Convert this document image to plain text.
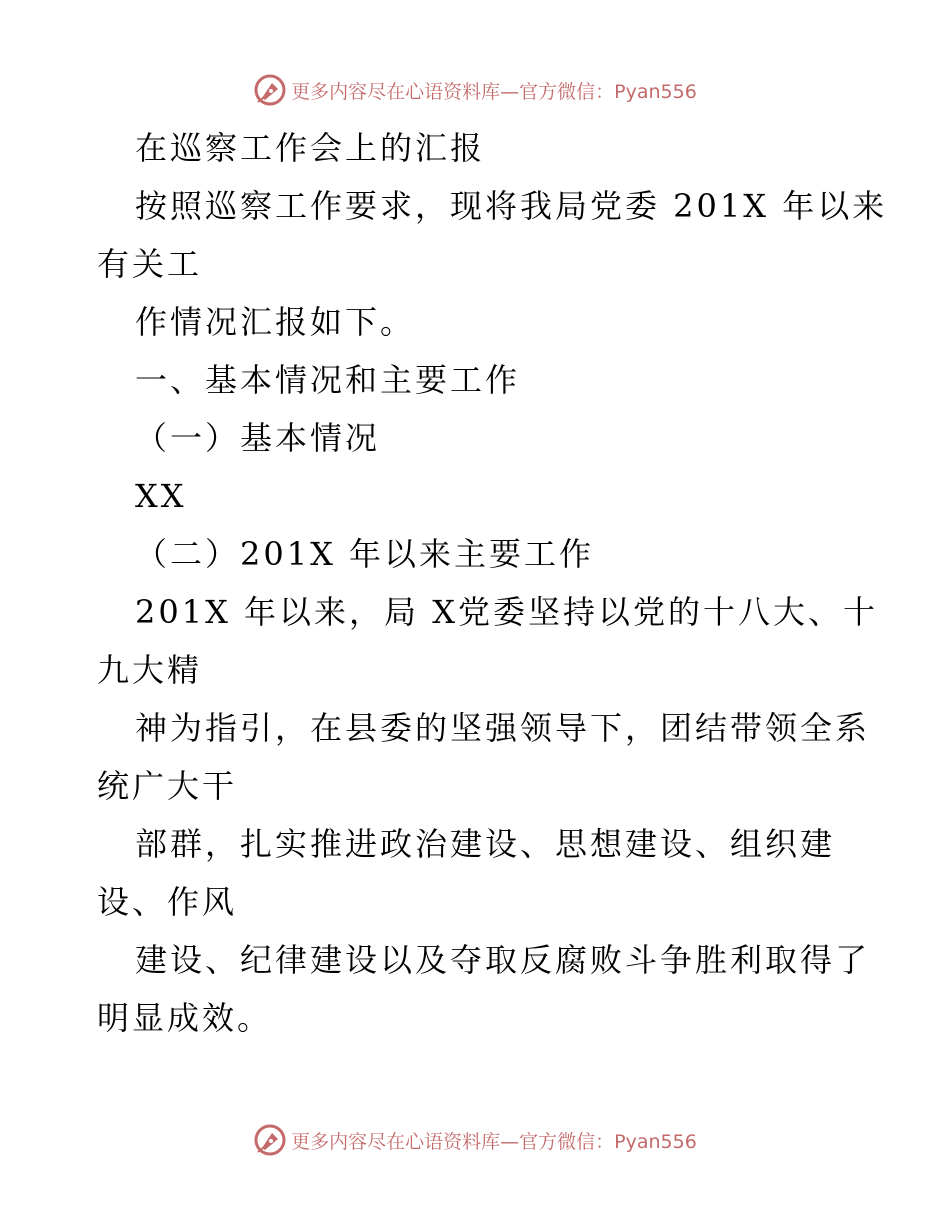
更多内容尽在心语资料库—官方微信：Pyan556
在巡察工作会上的汇报
按照巡察工作要求，现将我局党委 201X 年以来
有关工
作情况汇报如下。
一、基本情况和主要工作
（一）基本情况
XX
（二）201X 年以来主要工作
201X 年以来，局 X党委坚持以党的十八大、十
九大精
神为指引，在县委的坚强领导下，团结带领全系
统广大干
部群，扎实推进政治建设、思想建设、组织建
设、作风
建设、纪律建设以及夺取反腐败斗争胜利取得了
明显成效。
更多内容尽在心语资料库—官方微信：Pyan556
